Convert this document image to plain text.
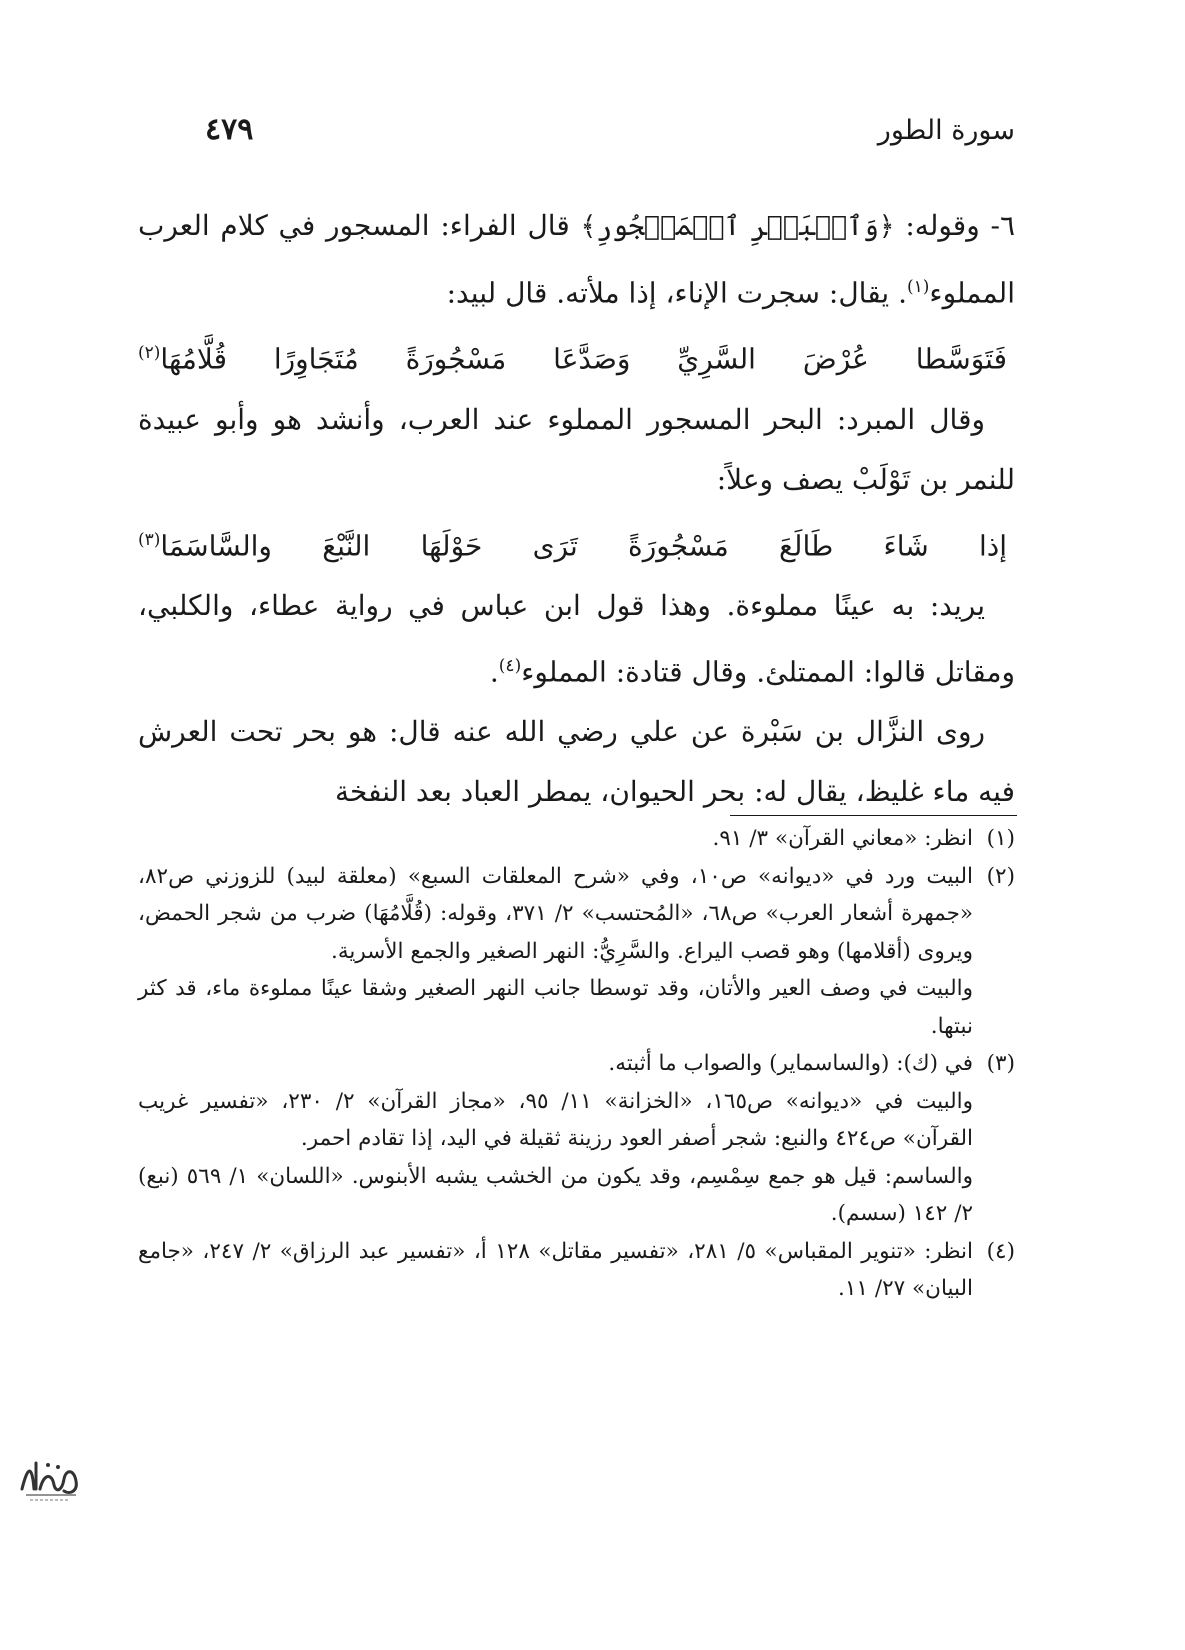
سورة الطور
٤٧٩

٦- وقوله: ﴿وَٱلۡبَحۡرِ ٱلۡمَسۡجُورِ﴾ قال الفراء: المسجور في كلام العرب المملوء$^{(١)}$. يقال: سجرت الإناء، إذا ملأته. قال لبيد:

فَتَوَسَّطا عُرْضَ السَّرِيِّ وَصَدَّعَا مَسْجُورَةً مُتَجَاوِرًا قُلَّامُهَا$^{(٢)}$

وقال المبرد: البحر المسجور المملوء عند العرب، وأنشد هو وأبو عبيدة للنمر بن تَوْلَبْ يصف وعلاً:

إذا شَاءَ طَالَعَ مَسْجُورَةً تَرَى حَوْلَهَا النَّبْعَ والسَّاسَمَا$^{(٣)}$

يريد: به عينًا مملوءة. وهذا قول ابن عباس في رواية عطاء، والكلبي، ومقاتل قالوا: الممتلئ. وقال قتادة: المملوء$^{(٤)}$.

روى النزَّال بن سَبْرة عن علي رضي الله عنه قال: هو بحر تحت العرش فيه ماء غليظ، يقال له: بحر الحيوان، يمطر العباد بعد النفخة

(١)
انظر: «معاني القرآن» ٣/ ٩١.
(٢)
البيت ورد في «ديوانه» ص١٠، وفي «شرح المعلقات السبع» (معلقة لبيد) للزوزني ص٨٢، «جمهرة أشعار العرب» ص٦٨، «المُحتسب» ٢/ ٣٧١، وقوله: (قُلَّامُهَا) ضرب من شجر الحمض، ويروى (أقلامها) وهو قصب اليراع. والسَّرِيُّ: النهر الصغير والجمع الأسرية.
والبيت في وصف العير والأتان، وقد توسطا جانب النهر الصغير وشقا عينًا مملوءة ماء، قد كثر نبتها.
(٣)
في (ك): (والساسماير) والصواب ما أثبته.
والبيت في «ديوانه» ص١٦٥، «الخزانة» ١١/ ٩٥، «مجاز القرآن» ٢/ ٢٣٠، «تفسير غريب القرآن» ص٤٢٤ والنبع: شجر أصفر العود رزينة ثقيلة في اليد، إذا تقادم احمر.
والساسم: قيل هو جمع سِمْسِم، وقد يكون من الخشب يشبه الأبنوس. «اللسان» ١/ ٥٦٩ (نبع) ٢/ ١٤٢ (سسم).
(٤)
انظر: «تنوير المقباس» ٥/ ٢٨١، «تفسير مقاتل» ١٢٨ أ، «تفسير عبد الرزاق» ٢/ ٢٤٧، «جامع البيان» ٢٧/ ١١.
